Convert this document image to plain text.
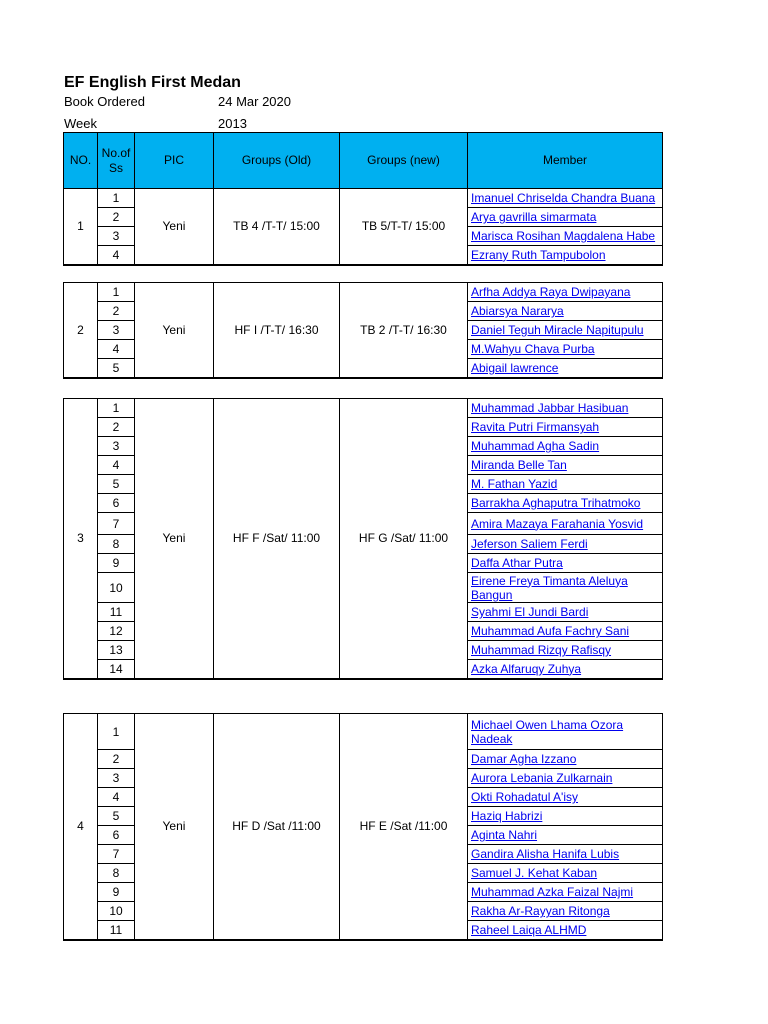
EF English First Medan
Book Ordered	24 Mar 2020
Week	2013
NO.	No.of Ss	PIC	Groups (Old)	Groups (new)	Member
1	1	Yeni	TB 4 /T-T/ 15:00	TB 5/T-T/ 15:00	Imanuel Chriselda Chandra Buana
	2				Arya gavrilla simarmata
	3				Marisca Rosihan Magdalena Habe
	4				Ezrany Ruth Tampubolon
2	1	Yeni	HF I /T-T/ 16:30	TB 2 /T-T/ 16:30	Arfha Addya Raya Dwipayana
	2				Abiarsya Nararya
	3				Daniel Teguh Miracle Napitupulu
	4				M.Wahyu Chava Purba
	5				Abigail lawrence
3	1	Yeni	HF F /Sat/ 11:00	HF G /Sat/ 11:00	Muhammad Jabbar Hasibuan
	2				Ravita Putri Firmansyah
	3				Muhammad Agha Sadin
	4				Miranda Belle Tan
	5				M. Fathan Yazid
	6				Barrakha Aghaputra Trihatmoko
	7				Amira Mazaya Farahania Yosvid
	8				Jeferson Saliem Ferdi
	9				Daffa Athar Putra
	10				Eirene Freya Timanta Aleluya Bangun
	11				Syahmi El Jundi Bardi
	12				Muhammad Aufa Fachry Sani
	13				Muhammad Rizqy Rafisqy
	14				Azka Alfaruqy Zuhya
4	1	Yeni	HF D /Sat /11:00	HF E /Sat /11:00	Michael Owen Lhama Ozora Nadeak
	2				Damar Agha Izzano
	3				Aurora Lebania Zulkarnain
	4				Okti Rohadatul A'isy
	5				Haziq Habrizi
	6				Aginta Nahri
	7				Gandira Alisha Hanifa Lubis
	8				Samuel J. Kehat Kaban
	9				Muhammad Azka Faizal Najmi
	10				Rakha Ar-Rayyan Ritonga
	11				Raheel Laiqa ALHMD
